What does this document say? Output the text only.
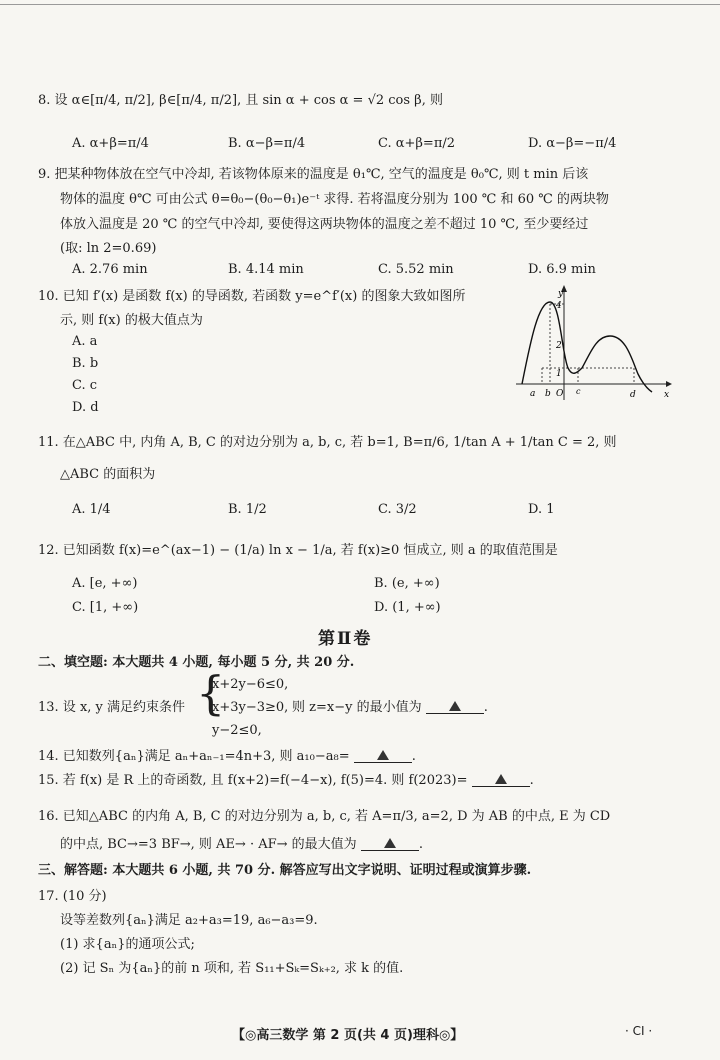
8. 设 α∈[π/4, π/2], β∈[π/4, π/2], 且 sin α + cos α = √2 cos β, 则
A. α+β=π/4	B. α−β=π/4	C. α+β=π/2	D. α−β=−π/4
9. 把某种物体放在空气中冷却, 若该物体原来的温度是 θ₁℃, 空气的温度是 θ₀℃, 则 t min 后该
物体的温度 θ℃ 可由公式 θ=θ₀−(θ₀−θ₁)e⁻ᵗ 求得. 若将温度分别为 100 ℃ 和 60 ℃ 的两块物
体放入温度是 20 ℃ 的空气中冷却, 要使得这两块物体的温度之差不超过 10 ℃, 至少要经过
(取: ln 2=0.69)
A. 2.76 min	B. 4.14 min	C. 5.52 min	D. 6.9 min
10. 已知 f′(x) 是函数 f(x) 的导函数, 若函数 y=e^f′(x) 的图象大致如图所
示, 则 f(x) 的极大值点为
A. a
B. b
C. c
D. d
y
x
4
2
1
a b O c	d
11. 在△ABC 中, 内角 A, B, C 的对边分别为 a, b, c, 若 b=1, B=π/6, 1/tan A + 1/tan C = 2, 则
△ABC 的面积为
A. 1/4	B. 1/2	C. 3/2	D. 1
12. 已知函数 f(x)=e^(ax−1) − (1/a) ln x − 1/a, 若 f(x)≥0 恒成立, 则 a 的取值范围是
A. [e, +∞)	B. (e, +∞)
C. [1, +∞)	D. (1, +∞)
第Ⅱ卷
二、填空题: 本大题共 4 小题, 每小题 5 分, 共 20 分.
13. 设 x, y 满足约束条件 {
x+2y−6≤0,
x+3y−3≥0,
y−2≤0,
则 z=x−y 的最小值为	.
14. 已知数列{aₙ}满足 aₙ+aₙ₋₁=4n+3, 则 a₁₀−a₈=	.
15. 若 f(x) 是 R 上的奇函数, 且 f(x+2)=f(−4−x), f(5)=4. 则 f(2023)=	.
16. 已知△ABC 的内角 A, B, C 的对边分别为 a, b, c, 若 A=π/3, a=2, D 为 AB 的中点, E 为 CD
的中点, BC→=3 BF→, 则 AE→ · AF→ 的最大值为	.
三、解答题: 本大题共 6 小题, 共 70 分. 解答应写出文字说明、证明过程或演算步骤.
17. (10 分)
设等差数列{aₙ}满足 a₂+a₃=19, a₆−a₃=9.
(1) 求{aₙ}的通项公式;
(2) 记 Sₙ 为{aₙ}的前 n 项和, 若 S₁₁+Sₖ=Sₖ₊₂, 求 k 的值.
【◎高三数学 第 2 页(共 4 页)理科◎】	· CI ·
